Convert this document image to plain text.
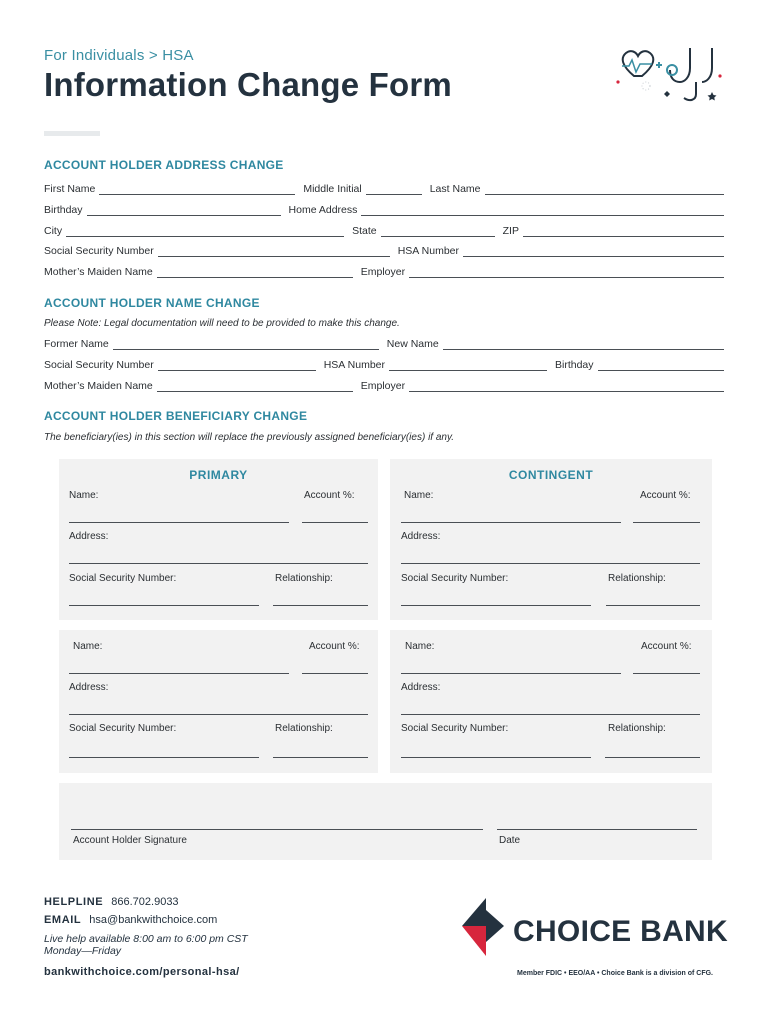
For Individuals > HSA
Information Change Form
ACCOUNT HOLDER ADDRESS CHANGE
First Name	Middle Initial	Last Name
Birthday	Home Address
City	State	ZIP
Social Security Number	HSA Number
Mother’s Maiden Name	Employer
ACCOUNT HOLDER NAME CHANGE
Please Note: Legal documentation will need to be provided to make this change.
Former Name	New Name
Social Security Number	HSA Number	Birthday
Mother’s Maiden Name	Employer
ACCOUNT HOLDER BENEFICIARY CHANGE
The beneficiary(ies) in this section will replace the previously assigned beneficiary(ies) if any.
PRIMARY
Name:	Account %:
Address:
Social Security Number:	Relationship:
CONTINGENT
Name:	Account %:
Address:
Social Security Number:	Relationship:
Name:	Account %:
Address:
Social Security Number:	Relationship:
Name:	Account %:
Address:
Social Security Number:	Relationship:
Account Holder Signature	Date
HELPLINE 866.702.9033
EMAIL hsa@bankwithchoice.com
Live help available 8:00 am to 6:00 pm CST
Monday—Friday
bankwithchoice.com/personal-hsa/
CHOICE BANK
Member FDIC • EEO/AA • Choice Bank is a division of CFG.
